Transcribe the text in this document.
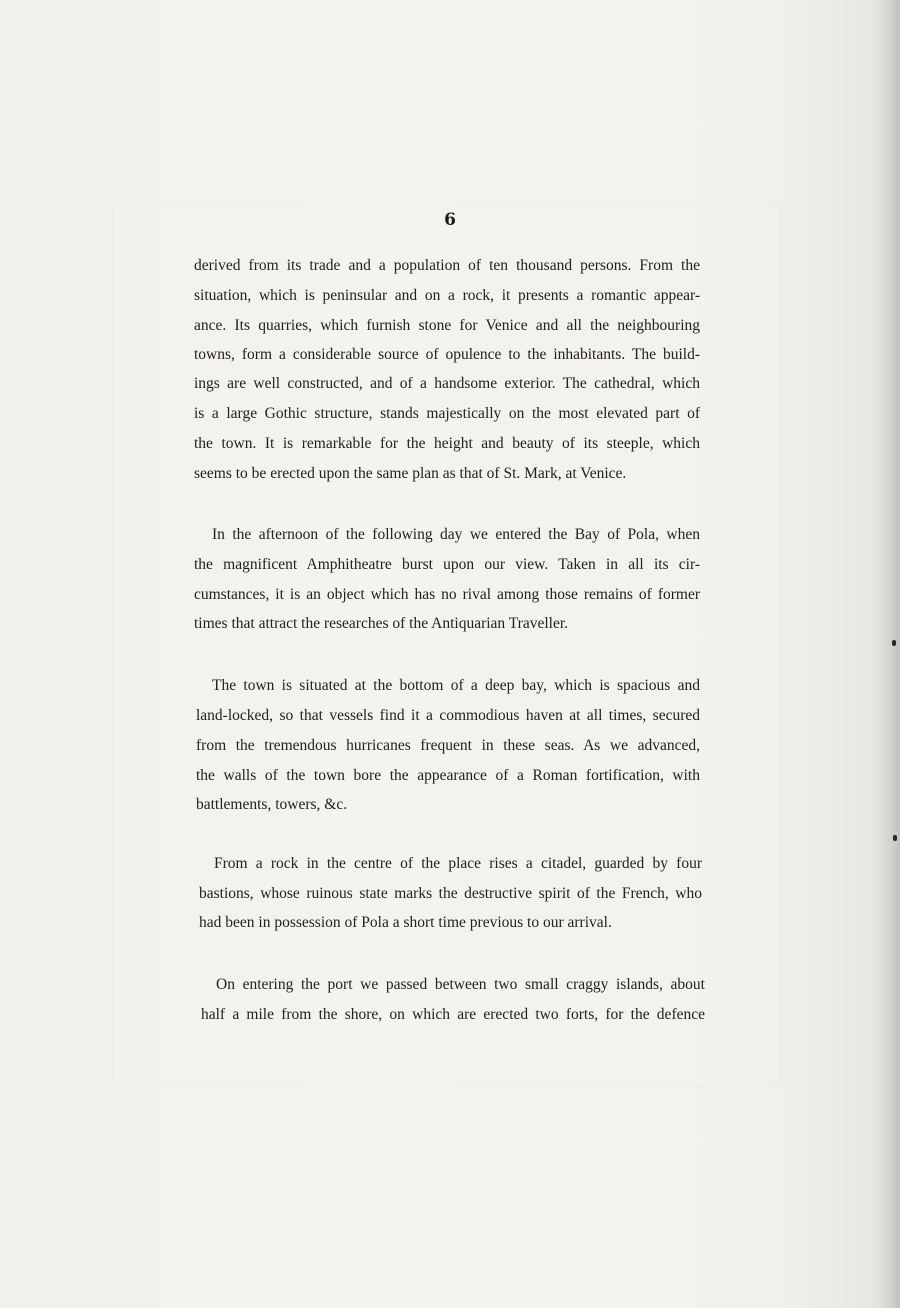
6
derived from its trade and a population of ten thousand persons. From the
situation, which is peninsular and on a rock, it presents a romantic appear-
ance. Its quarries, which furnish stone for Venice and all the neighbouring
towns, form a considerable source of opulence to the inhabitants. The build-
ings are well constructed, and of a handsome exterior. The cathedral, which
is a large Gothic structure, stands majestically on the most elevated part of
the town. It is remarkable for the height and beauty of its steeple, which
seems to be erected upon the same plan as that of St. Mark, at Venice.
In the afternoon of the following day we entered the Bay of Pola, when
the magnificent Amphitheatre burst upon our view. Taken in all its cir-
cumstances, it is an object which has no rival among those remains of former
times that attract the researches of the Antiquarian Traveller.
The town is situated at the bottom of a deep bay, which is spacious and
land-locked, so that vessels find it a commodious haven at all times, secured
from the tremendous hurricanes frequent in these seas. As we advanced,
the walls of the town bore the appearance of a Roman fortification, with
battlements, towers, &c.
From a rock in the centre of the place rises a citadel, guarded by four
bastions, whose ruinous state marks the destructive spirit of the French, who
had been in possession of Pola a short time previous to our arrival.
On entering the port we passed between two small craggy islands, about
half a mile from the shore, on which are erected two forts, for the defence
